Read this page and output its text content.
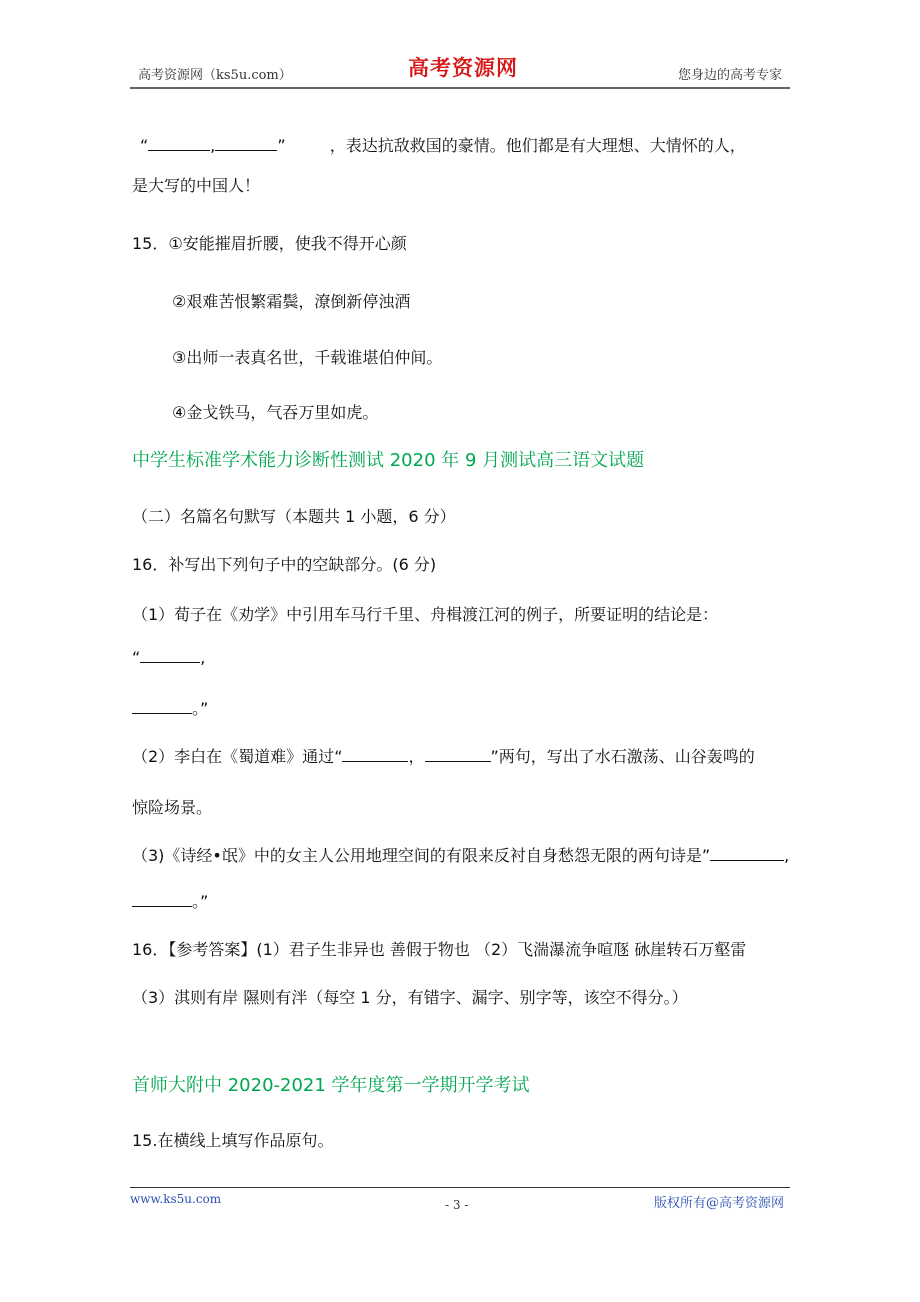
高考资源网（ks5u.com）	高考资源网	您身边的高考专家
“	,	”	，表达抗敌救国的豪情。他们都是有大理想、大情怀的人，
是大写的中国人！
15．①安能摧眉折腰，使我不得开心颜
②艰难苦恨繁霜鬓，潦倒新停浊酒
③出师一表真名世，千载谁堪伯仲间。
④金戈铁马，气吞万里如虎。
中学生标准学术能力诊断性测试 2020 年 9 月测试高三语文试题
（二）名篇名句默写（本题共 1 小题，6 分）
16．补写出下列句子中的空缺部分。(6 分)
（1）荀子在《劝学》中引用车马行千里、舟楫渡江河的例子，所要证明的结论是：
“	,
。”
（2）李白在《蜀道难》通过“	，	”两句，写出了水石激荡、山谷轰鸣的
惊险场景。
（3)《诗经•氓》中的女主人公用地理空间的有限来反衬自身愁怨无限的两句诗是”	,
。”
16．【参考答案】(1）君子生非异也 善假于物也 （2）飞湍瀑流争喧豗 砅崖转石万壑雷
（3）淇则有岸 隰则有泮（每空 1 分，有错字、漏字、别字等，该空不得分。）
首师大附中 2020-2021 学年度第一学期开学考试
15.在横线上填写作品原句。
www.ks5u.com	- 3 -	版权所有@高考资源网
